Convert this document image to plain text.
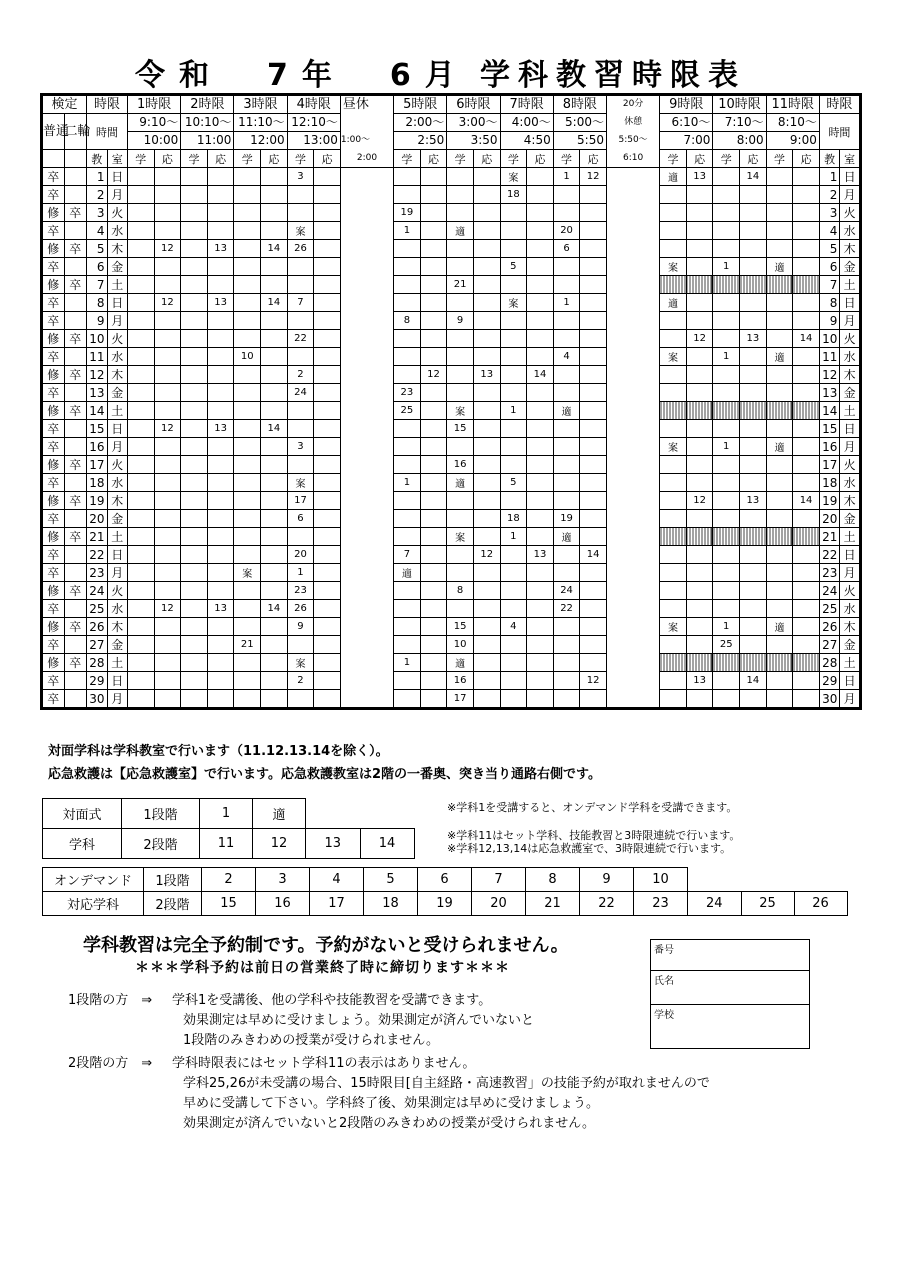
令和　7年　6月 学科教習時限表
検定		時限		1時限		2時限		3時限		4時限		昼休	5時限		6時限		7時限		8時限		20分	9時限		10時限		11時限		時限	
普通	二輪	時間		9:10〜		10:10〜		11:10〜		12:10〜			2:00〜		3:00〜		4:00〜		5:00〜		休憩	6:10〜		7:10〜		8:10〜		時間	
				10:00		11:00		12:00		13:00		1:00〜	2:50		3:50		4:50		5:50		5:50〜	7:00		8:00		9:00			
		教	室	学	応	学	応	学	応	学	応	2:00	学	応	学	応	学	応	学	応	6:10	学	応	学	応	学	応	教	室
卒		1	日							3							案		1	12		適	13		14			1	日
卒		2	月														18											2	月
修	卒	3	火										19															3	火
卒		4	水							案			1		適				20									4	水
修	卒	5	木		12		13		14	26									6									5	木
卒		6	金														5					案		1		適		6	金
修	卒	7	土												21													7	土
卒		8	日		12		13		14	7							案		1			適						8	日
卒		9	月										8		9													9	月
修	卒	10	火							22													12		13		14	10	火
卒		11	水					10											4			案		1		適		11	水
修	卒	12	木							2				12		13		14										12	木
卒		13	金							24			23															13	金
修	卒	14	土										25		案		1		適									14	土
卒		15	日		12		13		14						15													15	日
卒		16	月							3												案		1		適		16	月
修	卒	17	火												16													17	火
卒		18	水							案			1		適		5											18	水
修	卒	19	木							17													12		13		14	19	木
卒		20	金							6							18		19									20	金
修	卒	21	土												案		1		適									21	土
卒		22	日							20			7			12		13		14								22	日
卒		23	月					案		1			適															23	月
修	卒	24	火							23					8				24									24	火
卒		25	水		12		13		14	26									22									25	水
修	卒	26	木							9					15		4					案		1		適		26	木
卒		27	金					21							10									25				27	金
修	卒	28	土							案			1		適													28	土
卒		29	日							2					16					12			13		14			29	日
卒		30	月												17													30	月
対面学科は学科教室で行います（11.12.13.14を除く）。
応急救護は【応急救護室】で行います。応急救護教室は2階の一番奥、突き当り通路右側です。
対面式	1段階	1	適		
学科	2段階	11	12	13	14
※学科1を受講すると、オンデマンド学科を受講できます。
※学科11はセット学科、技能教習と3時限連続で行います。
※学科12,13,14は応急救護室で、3時限連続で行います。
オンデマンド	1段階	2	3	4	5	6	7	8	9	10			
対応学科	2段階	15	16	17	18	19	20	21	22	23	24	25	26
学科教習は完全予約制です。予約がないと受けられません。
＊＊＊学科予約は前日の営業終了時に締切ります＊＊＊
1段階の方　⇒ 学科1を受講後、他の学科や技能教習を受講できます。
効果測定は早めに受けましょう。効果測定が済んでいないと
1段階のみきわめの授業が受けられません。
2段階の方　⇒ 学科時限表にはセット学科11の表示はありません。
学科25,26が未受講の場合、15時限目[自主経路・高速教習」の技能予約が取れませんので
早めに受講して下さい。学科終了後、効果測定は早めに受けましょう。
効果測定が済んでいないと2段階のみきわめの授業が受けられません。
番号
氏名
学校
